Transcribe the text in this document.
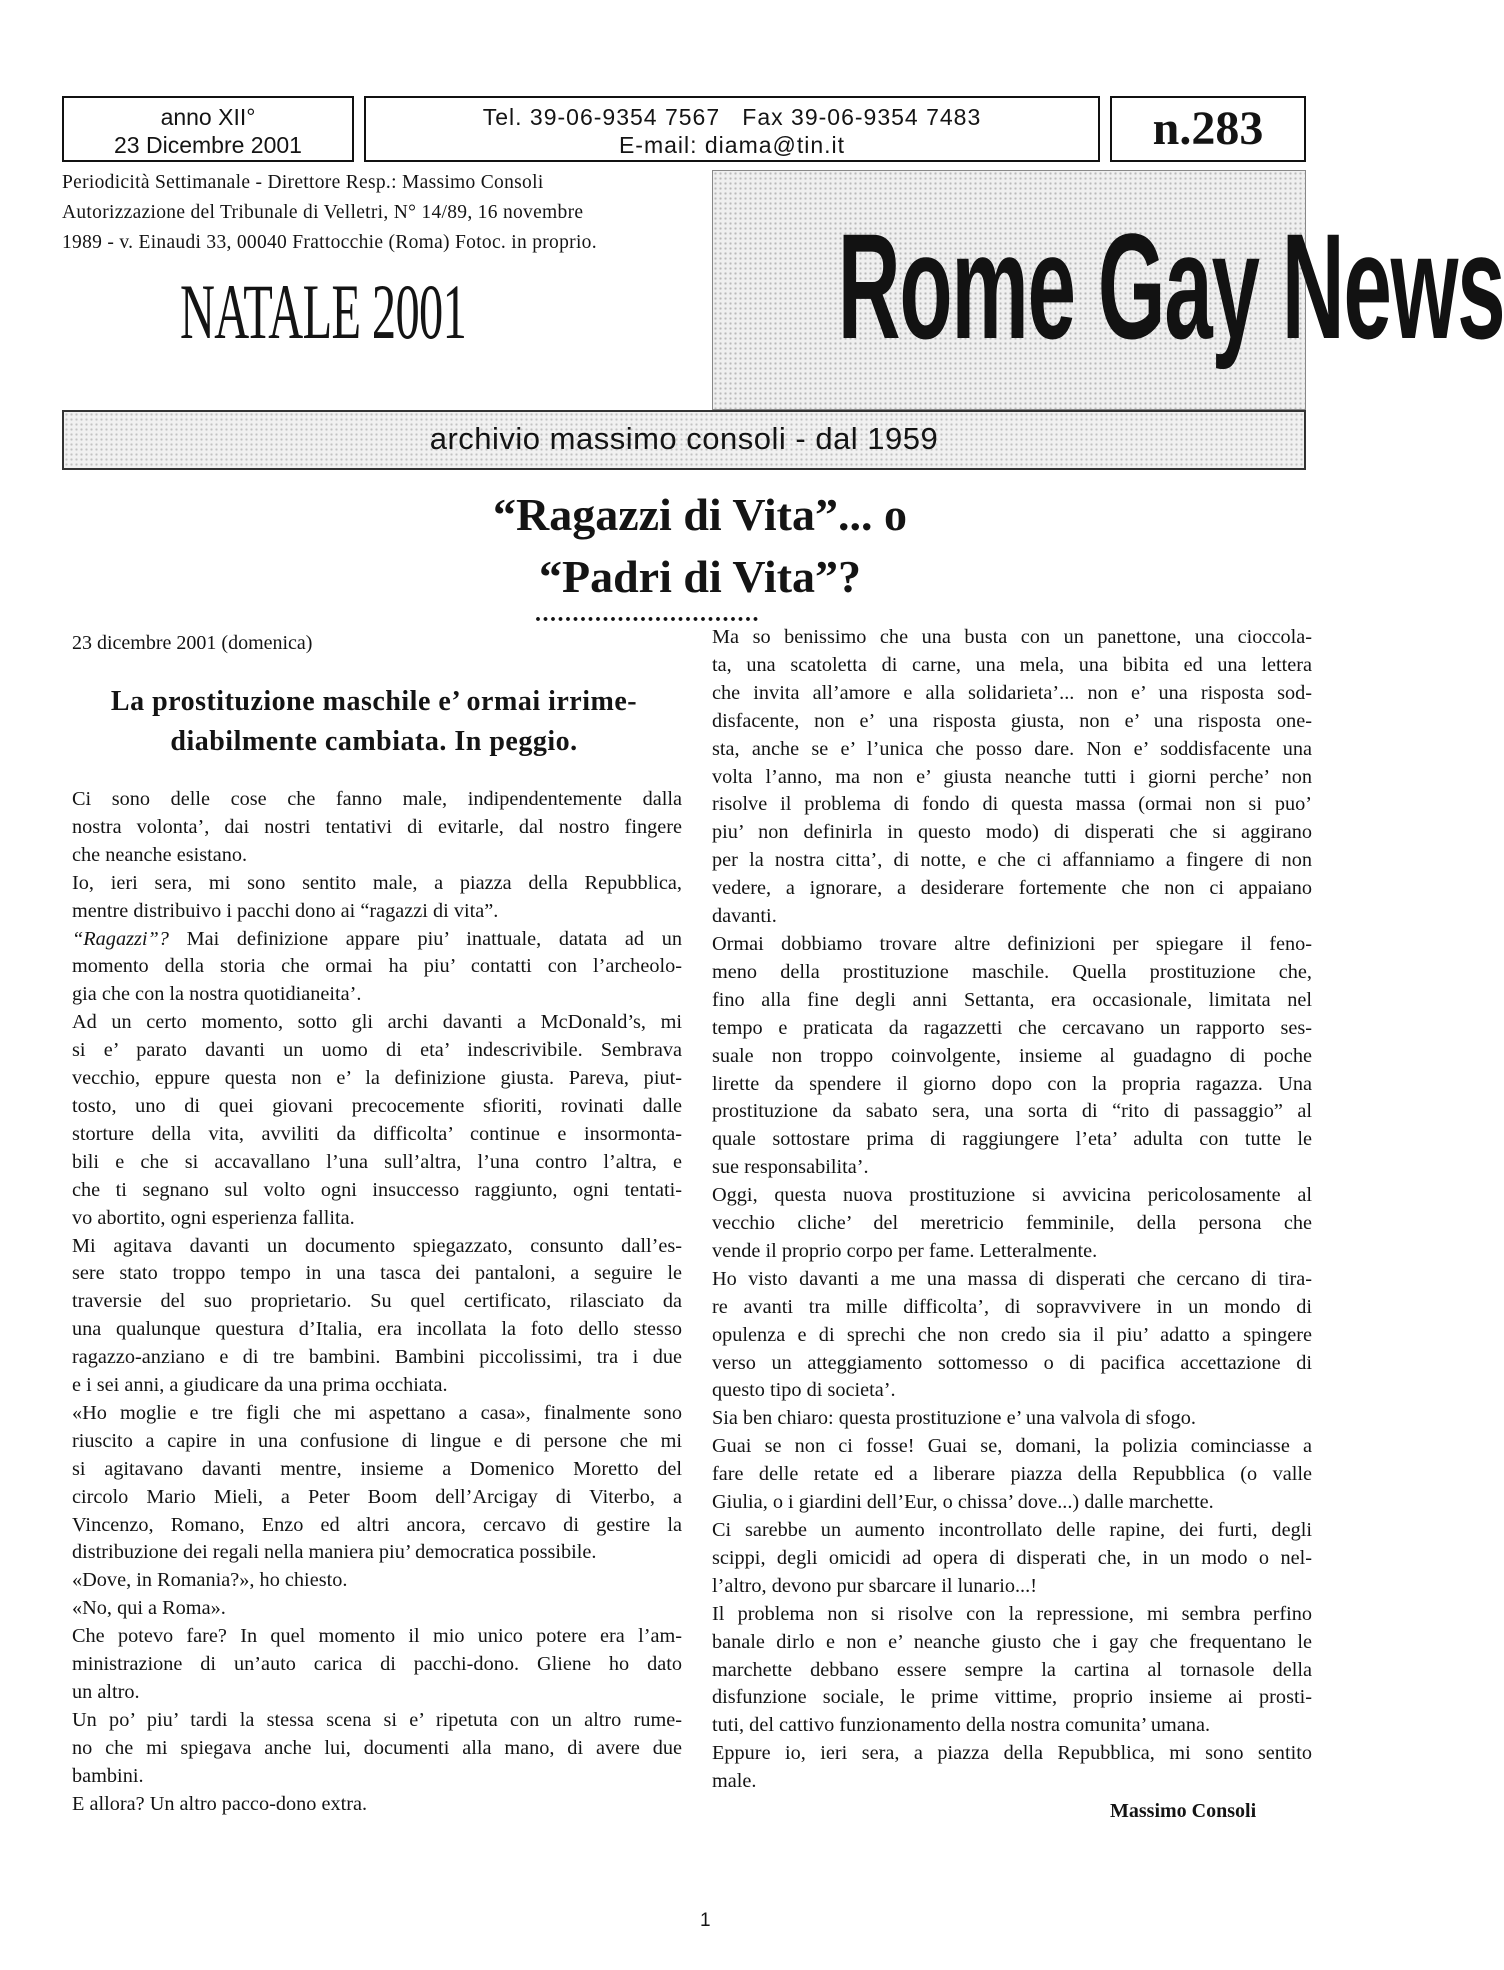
anno XII°
23 Dicembre 2001
Tel. 39-06-9354 7567   Fax 39-06-9354 7483
E-mail: diama@tin.it	n.283
Periodicità Settimanale - Direttore Resp.: Massimo Consoli
Autorizzazione del Tribunale di Velletri, N° 14/89, 16 novembre
1989 - v. Einaudi 33, 00040 Frattocchie (Roma) Fotoc. in proprio.	Rome Gay News
NATALE 2001
archivio massimo consoli - dal 1959
“Ragazzi di Vita”... o
“Padri di Vita”?
..............................
23 dicembre 2001 (domenica)
La prostituzione maschile e’ ormai irrime-
diabilmente cambiata. In peggio.
Ci sono delle cose che fanno male, indipendentemente dalla
nostra volonta’, dai nostri tentativi di evitarle, dal nostro fingere
che neanche esistano.
Io, ieri sera, mi sono sentito male, a piazza della Repubblica,
mentre distribuivo i pacchi dono ai “ragazzi di vita”.
“Ragazzi”? Mai definizione appare piu’ inattuale, datata ad un
momento della storia che ormai ha piu’ contatti con l’archeolo-
gia che con la nostra quotidianeita’.
Ad un certo momento, sotto gli archi davanti a McDonald’s, mi
si e’ parato davanti un uomo di eta’ indescrivibile. Sembrava
vecchio, eppure questa non e’ la definizione giusta. Pareva, piut-
tosto, uno di quei giovani precocemente sfioriti, rovinati dalle
storture della vita, avviliti da difficolta’ continue e insormonta-
bili e che si accavallano l’una sull’altra, l’una contro l’altra, e
che ti segnano sul volto ogni insuccesso raggiunto, ogni tentati-
vo abortito, ogni esperienza fallita.
Mi agitava davanti un documento spiegazzato, consunto dall’es-
sere stato troppo tempo in una tasca dei pantaloni, a seguire le
traversie del suo proprietario. Su quel certificato, rilasciato da
una qualunque questura d’Italia, era incollata la foto dello stesso
ragazzo-anziano e di tre bambini. Bambini piccolissimi, tra i due
e i sei anni, a giudicare da una prima occhiata.
«Ho moglie e tre figli che mi aspettano a casa», finalmente sono
riuscito a capire in una confusione di lingue e di persone che mi
si agitavano davanti mentre, insieme a Domenico Moretto del
circolo Mario Mieli, a Peter Boom dell’Arcigay di Viterbo, a
Vincenzo, Romano, Enzo ed altri ancora, cercavo di gestire la
distribuzione dei regali nella maniera piu’ democratica possibile.
«Dove, in Romania?», ho chiesto.
«No, qui a Roma».
Che potevo fare? In quel momento il mio unico potere era l’am-
ministrazione di un’auto carica di pacchi-dono. Gliene ho dato
un altro.
Un po’ piu’ tardi la stessa scena si e’ ripetuta con un altro rume-
no che mi spiegava anche lui, documenti alla mano, di avere due
bambini.
E allora? Un altro pacco-dono extra.
Ma so benissimo che una busta con un panettone, una cioccola-
ta, una scatoletta di carne, una mela, una bibita ed una lettera
che invita all’amore e alla solidarieta’... non e’ una risposta sod-
disfacente, non e’ una risposta giusta, non e’ una risposta one-
sta, anche se e’ l’unica che posso dare. Non e’ soddisfacente una
volta l’anno, ma non e’ giusta neanche tutti i giorni perche’ non
risolve il problema di fondo di questa massa (ormai non si puo’
piu’ non definirla in questo modo) di disperati che si aggirano
per la nostra citta’, di notte, e che ci affanniamo a fingere di non
vedere, a ignorare, a desiderare fortemente che non ci appaiano
davanti.
Ormai dobbiamo trovare altre definizioni per spiegare il feno-
meno della prostituzione maschile. Quella prostituzione che,
fino alla fine degli anni Settanta, era occasionale, limitata nel
tempo e praticata da ragazzetti che cercavano un rapporto ses-
suale non troppo coinvolgente, insieme al guadagno di poche
lirette da spendere il giorno dopo con la propria ragazza. Una
prostituzione da sabato sera, una sorta di “rito di passaggio” al
quale sottostare prima di raggiungere l’eta’ adulta con tutte le
sue responsabilita’.
Oggi, questa nuova prostituzione si avvicina pericolosamente al
vecchio cliche’ del meretricio femminile, della persona che
vende il proprio corpo per fame. Letteralmente.
Ho visto davanti a me una massa di disperati che cercano di tira-
re avanti tra mille difficolta’, di sopravvivere in un mondo di
opulenza e di sprechi che non credo sia il piu’ adatto a spingere
verso un atteggiamento sottomesso o di pacifica accettazione di
questo tipo di societa’.
Sia ben chiaro: questa prostituzione e’ una valvola di sfogo.
Guai se non ci fosse! Guai se, domani, la polizia cominciasse a
fare delle retate ed a liberare piazza della Repubblica (o valle
Giulia, o i giardini dell’Eur, o chissa’ dove...) dalle marchette.
Ci sarebbe un aumento incontrollato delle rapine, dei furti, degli
scippi, degli omicidi ad opera di disperati che, in un modo o nel-
l’altro, devono pur sbarcare il lunario...!
Il problema non si risolve con la repressione, mi sembra perfino
banale dirlo e non e’ neanche giusto che i gay che frequentano le
marchette debbano essere sempre la cartina al tornasole della
disfunzione sociale, le prime vittime, proprio insieme ai prosti-
tuti, del cattivo funzionamento della nostra comunita’ umana.
Eppure io, ieri sera, a piazza della Repubblica, mi sono sentito
male.
Massimo Consoli
1
